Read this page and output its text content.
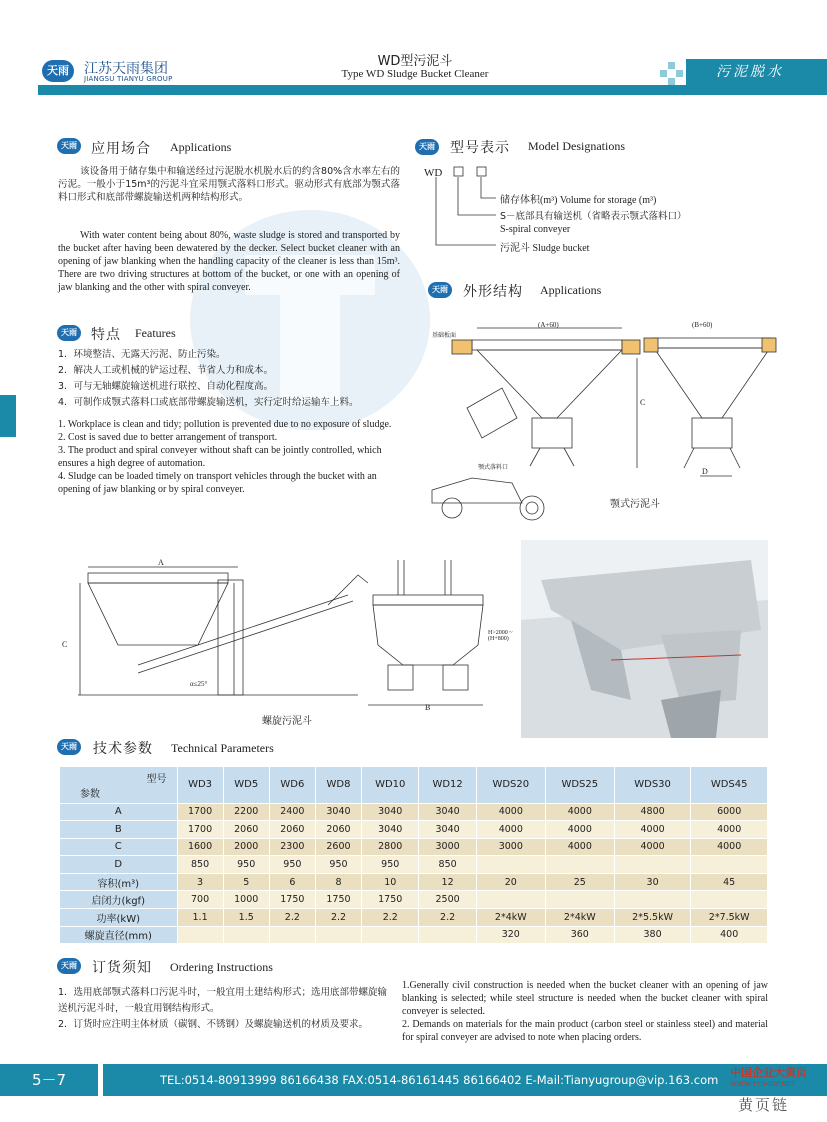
天雨	江苏天雨集团
JIANGSU TIANYU GROUP
WD型污泥斗
Type WD Sludge Bucket Cleaner	污泥脱水
天雨 应用场合 Applications
该设备用于储存集中和输送经过污泥脱水机脱水后的约含80%含水率左右的污泥。一般小于15m³的污泥斗宜采用颚式落料口形式。驱动形式有底部为颚式落料口形式和底部带螺旋输送机两种结构形式。
With water content being about 80%, waste sludge is stored and transported by the bucket after having been dewatered by the decker. Select bucket cleaner with an opening of jaw blanking when the handling capacity of the cleaner is less than 15m³. There are two driving structures at bottom of the bucket, or one with an opening of jaw blanking and the other with spiral conveyer.
天雨 特点 Features
1．环境整洁、无露天污泥、防止污染。
2．解决人工或机械的铲运过程、节省人力和成本。
3．可与无轴螺旋输送机进行联控、自动化程度高。
4．可制作成颚式落料口或底部带螺旋输送机，实行定时给运输车上料。
1. Workplace is clean and tidy; pollution is prevented due to no exposure of sludge.
2. Cost is saved due to better arrangement of transport.
3. The product and spiral conveyer without shaft can be jointly controlled, which ensures a high degree of automation.
4. Sludge can be loaded timely on transport vehicles through the bucket with an opening of jaw blanking or by spiral conveyer.
天雨 型号表示 Model Designations
WD
储存体积(m³) Volume for storage (m³)
S－底部具有输送机（省略表示颚式落料口）
S-spiral conveyer
污泥斗 Sludge bucket
天雨 外形结构 Applications
(A+60)	(B+60)
C
D
颚式落料口
基础板面
颚式污泥斗
A
C
α≤25°
B
H>2000 ~(H+800)
螺旋污泥斗
天雨 技术参数 Technical Parameters
型号
参数	WD3	WD5	WD6	WD8	WD10	WD12	WDS20	WDS25	WDS30	WDS45
A	1700	2200	2400	3040	3040	3040	4000	4000	4800	6000
B	1700	2060	2060	2060	3040	3040	4000	4000	4000	4000
C	1600	2000	2300	2600	2800	3000	3000	4000	4000	4000
D	850	950	950	950	950	850				
容积(m³)	3	5	6	8	10	12	20	25	30	45
启闭力(kgf)	700	1000	1750	1750	1750	2500				
功率(kW)	1.1	1.5	2.2	2.2	2.2	2.2	2*4kW	2*4kW	2*5.5kW	2*7.5kW
螺旋直径(mm)							320	360	380	400
天雨 订货须知 Ordering Instructions
1．选用底部颚式落料口污泥斗时，一般宜用土建结构形式；选用底部带螺旋输送机污泥斗时，一般宜用钢结构形式。
2．订货时应注明主体材质（碳钢、不锈钢）及螺旋输送机的材质及要求。
1.Generally civil construction is needed when the bucket cleaner with an opening of jaw blanking is selected; while steel structure is needed when the bucket cleaner with spiral conveyer is selected.
2. Demands on materials for the main product (carbon steel or stainless steel) and material for spiral conveyer are advised to note when placing orders.
5－7	TEL:0514-80913999 86166438 FAX:0514-86161445 86166402 E-Mail:Tianyugroup@vip.163.com
中国企业大黄页
WWW.YYSHOP.NET
黄页链
